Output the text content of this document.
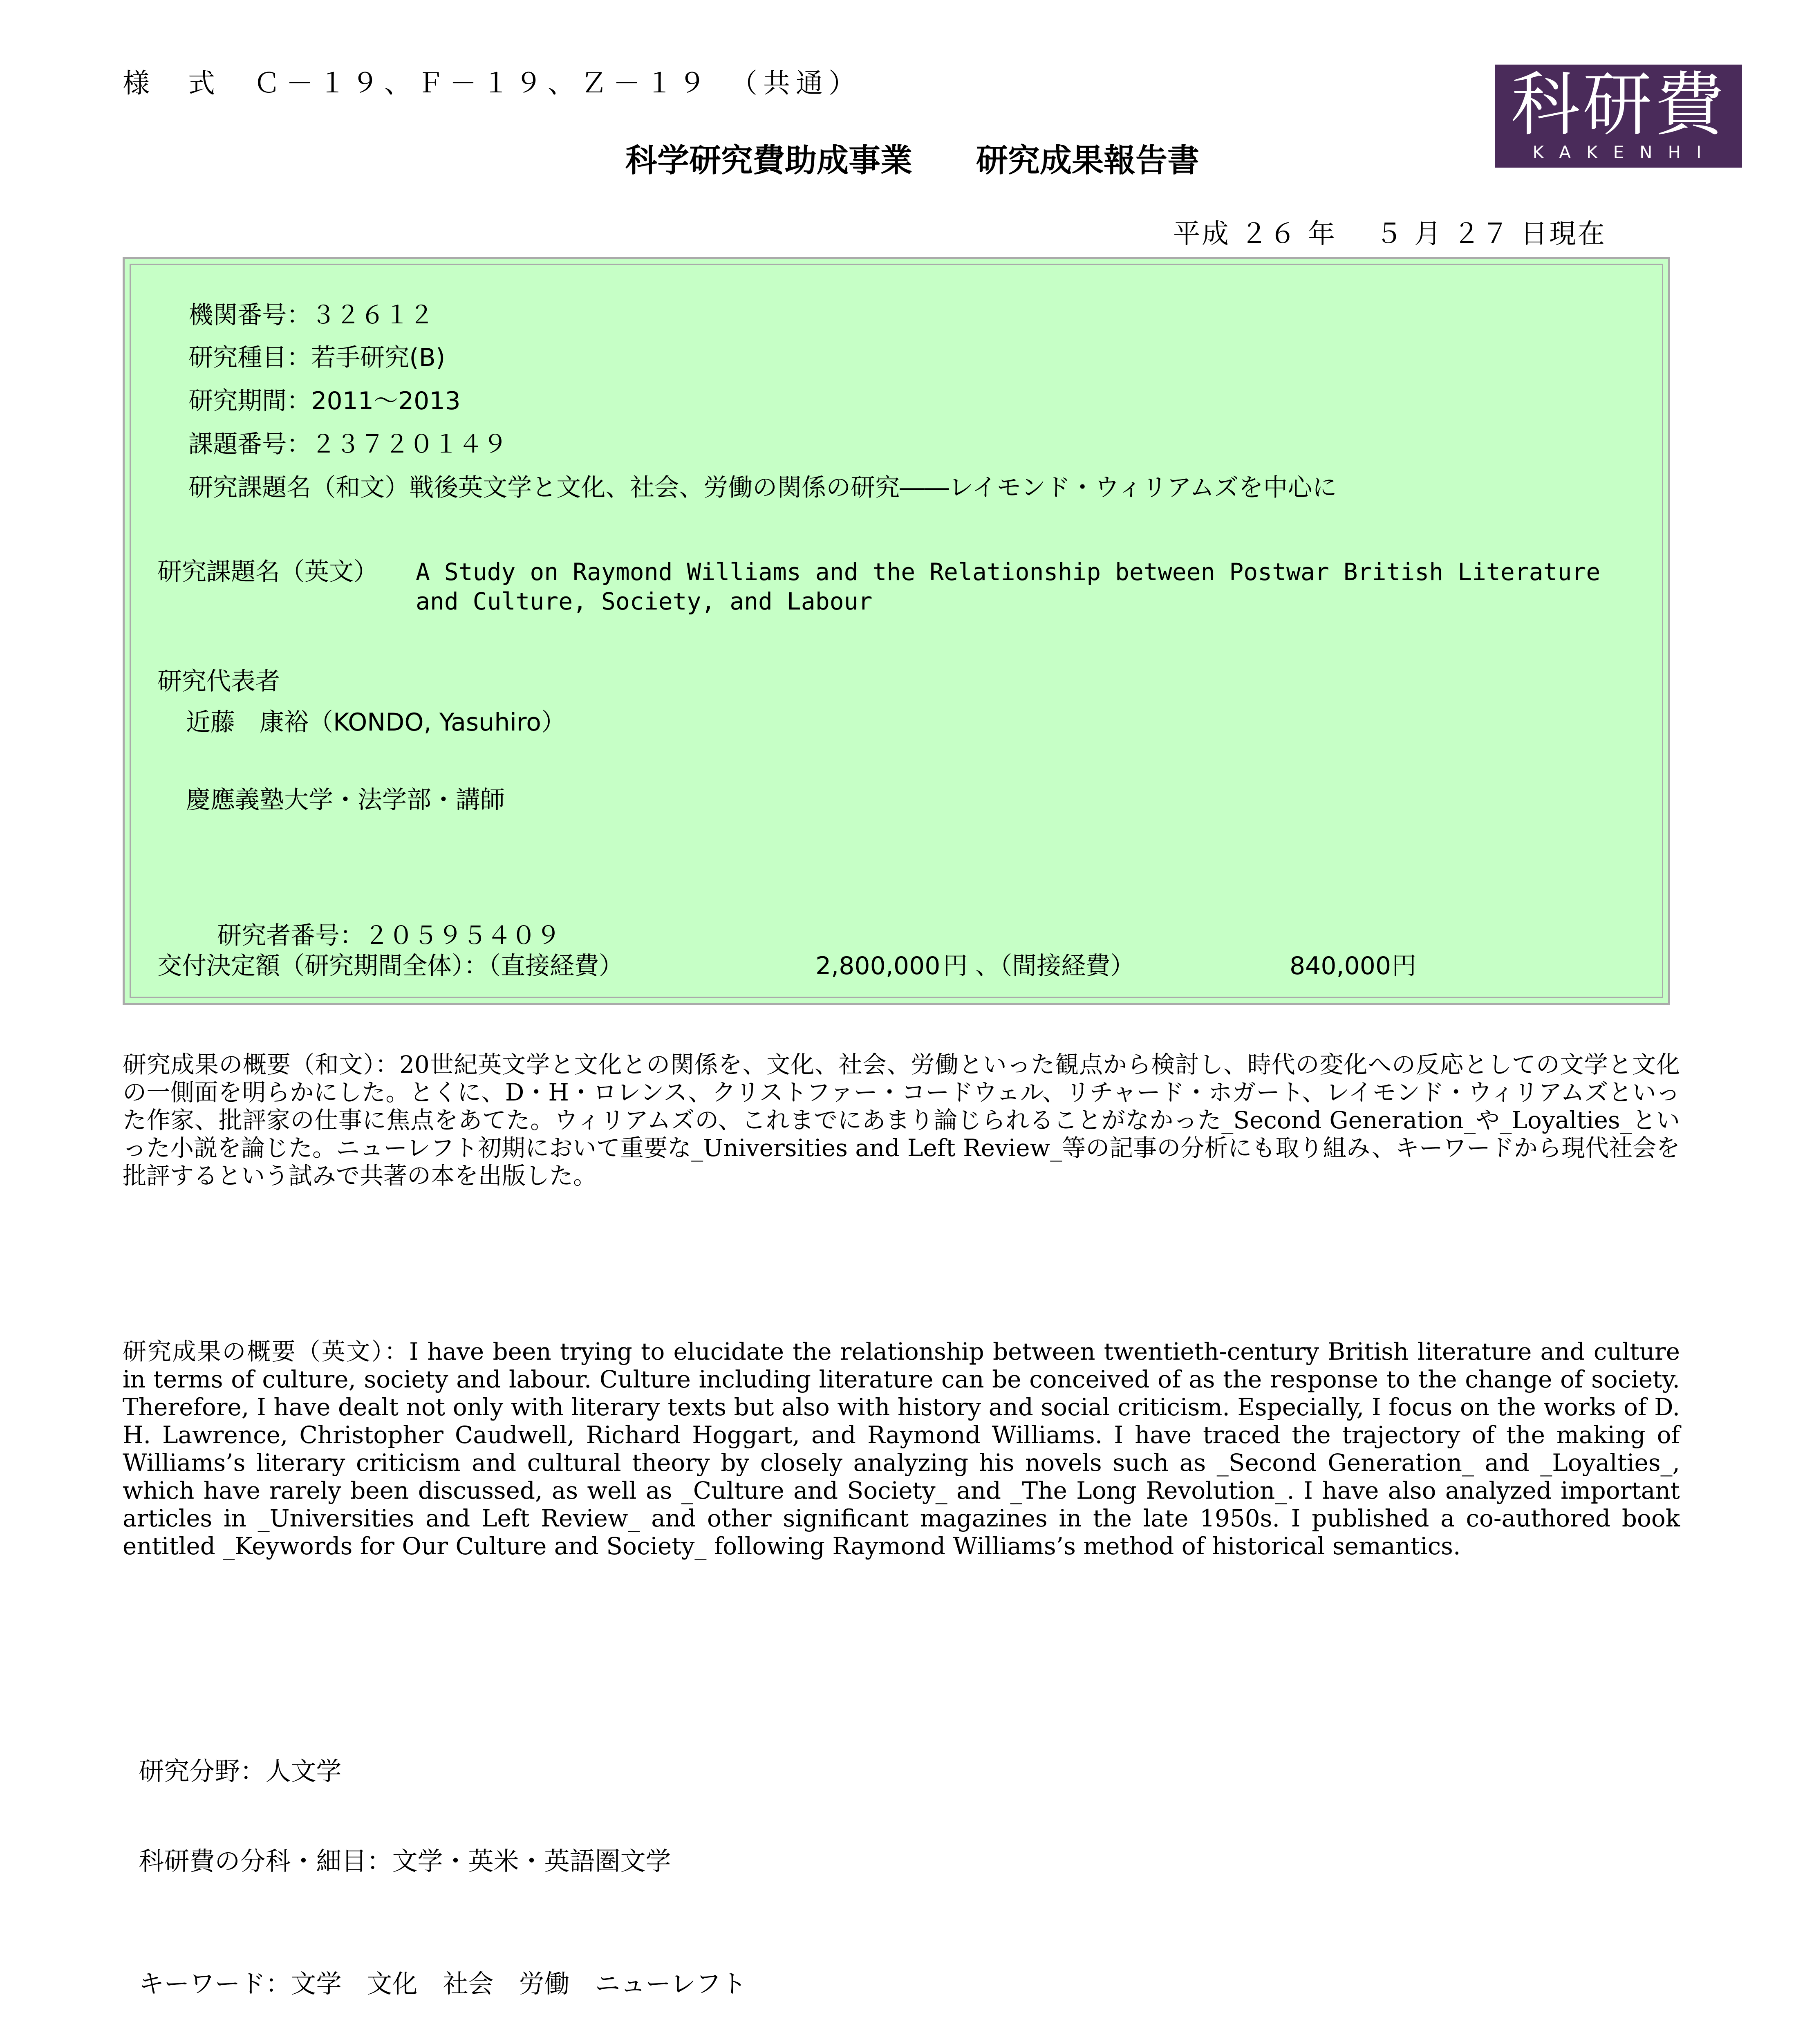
様　式　Ｃ－１９、Ｆ－１９、Ｚ－１９　（共通）	科研費
KAKENHI
科学研究費助成事業　　研究成果報告書
平成 ２６ 年　 ５ 月 ２７ 日現在

機関番号：３２６１２

研究種目：若手研究(B)

研究期間：2011～2013

課題番号：２３７２０１４９

研究課題名（和文）戦後英文学と文化、社会、労働の関係の研究――レイモンド・ウィリアムズを中心に

研究課題名（英文） A Study on Raymond Williams and the Relationship between Postwar British Literature
and Culture, Society, and Labour
研究代表者
近藤　康裕（KONDO, Yasuhiro）
慶應義塾大学・法学部・講師

研究者番号：２０５９５４０９

交付決定額（研究期間全体）：（直接経費）	2,800,000 円 、（間接経費）	840,000 円
研究成果の概要（和文）：20世紀英文学と文化との関係を、文化、社会、労働といった観点から検討し、時代の変化への反応としての文学と文化の一側面を明らかにした。とくに、D・H・ロレンス、クリストファー・コードウェル、リチャード・ホガート、レイモンド・ウィリアムズといった作家、批評家の仕事に焦点をあてた。ウィリアムズの、これまでにあまり論じられることがなかった_Second Generation_や_Loyalties_といった小説を論じた。ニューレフト初期において重要な_Universities and Left Review_等の記事の分析にも取り組み、キーワードから現代社会を批評するという試みで共著の本を出版した。
研究成果の概要（英文）：I have been trying to elucidate the relationship between twentieth-century British literature and culture in terms of culture, society and labour. Culture including literature can be conceived of as the response to the change of society. Therefore, I have dealt not only with literary texts but also with history and social criticism. Especially, I focus on the works of D. H. Lawrence, Christopher Caudwell, Richard Hoggart, and Raymond Williams. I have traced the trajectory of the making of Williams’s literary criticism and cultural theory by closely analyzing his novels such as _Second Generation_ and _Loyalties_, which have rarely been discussed, as well as _Culture and Society_ and _The Long Revolution_. I have also analyzed important articles in _Universities and Left Review_ and other significant magazines in the late 1950s. I published a co-authored book entitled _Keywords for Our Culture and Society_ following Raymond Williams’s method of historical semantics.

研究分野：人文学

科研費の分科・細目：文学・英米・英語圏文学

キーワード：文学　文化　社会　労働　ニューレフト
